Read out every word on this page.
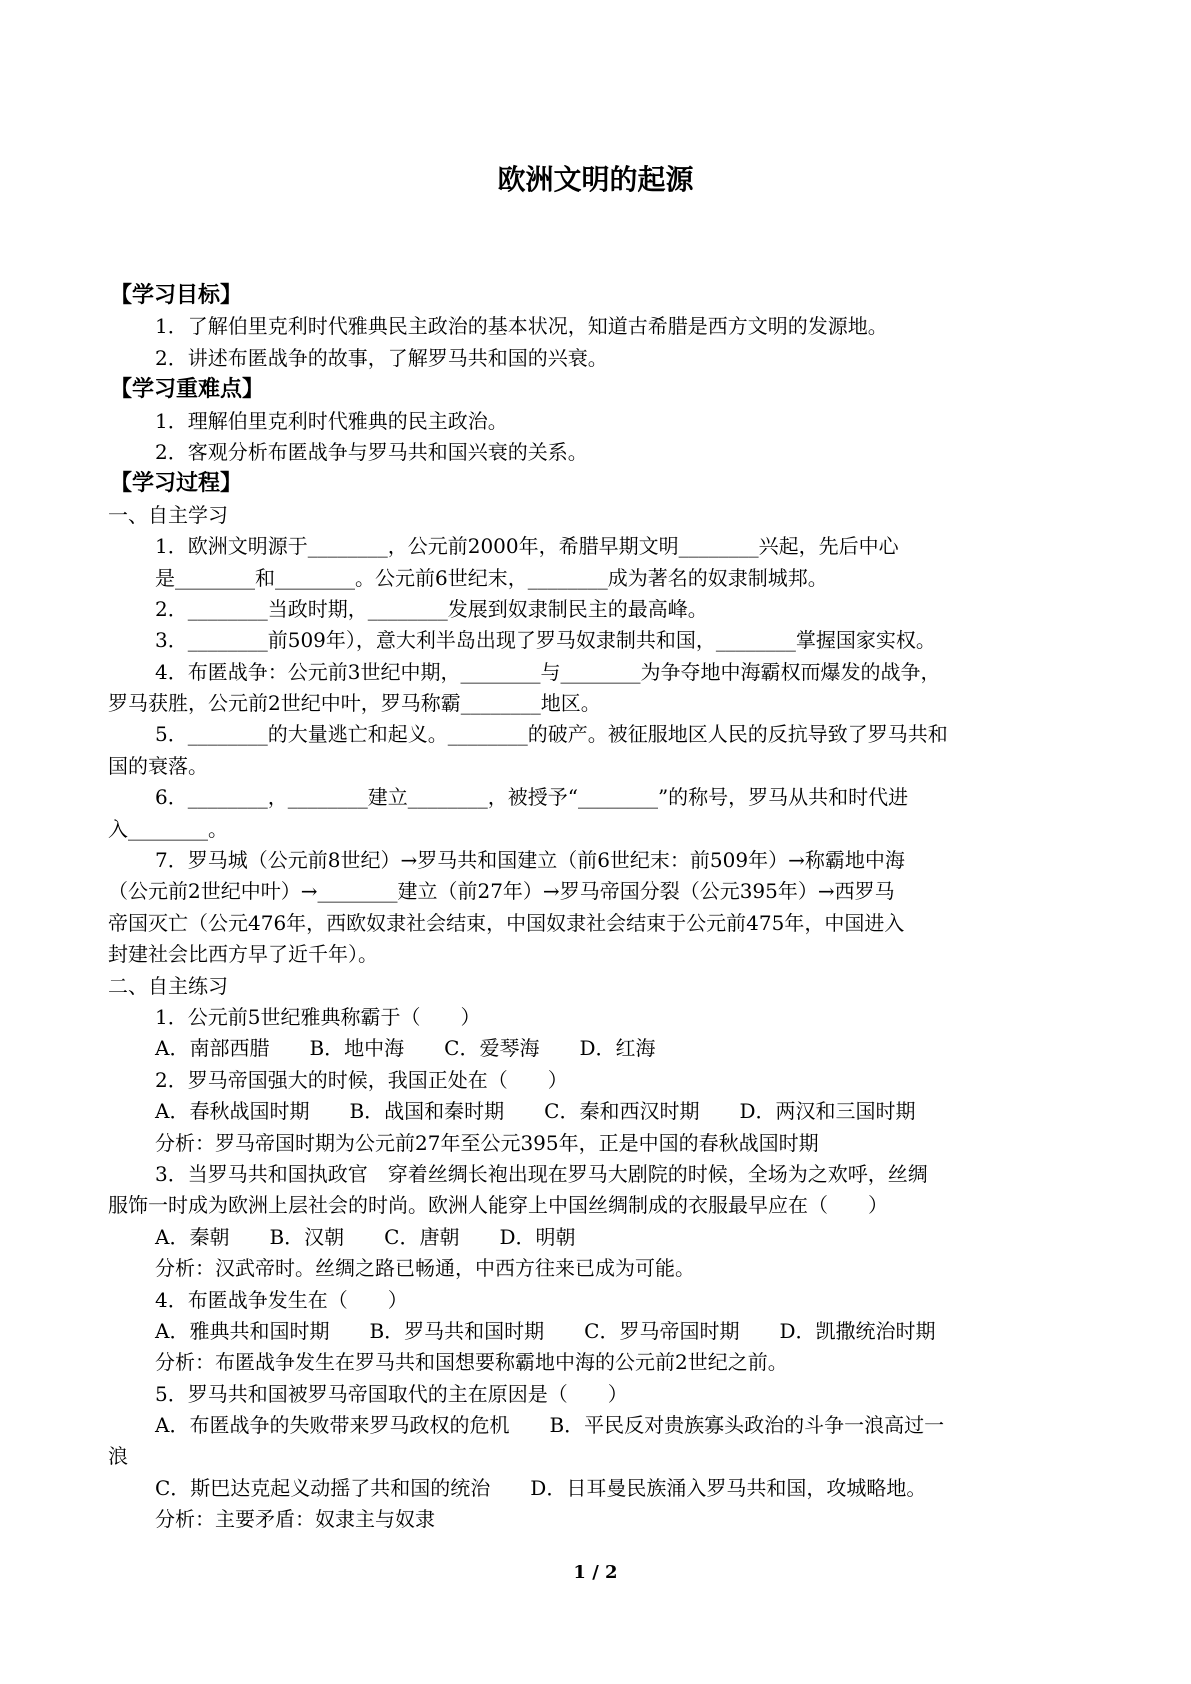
欧洲文明的起源

【学习目标】

1．了解伯里克利时代雅典民主政治的基本状况，知道古希腊是西方文明的发源地。

2．讲述布匿战争的故事，了解罗马共和国的兴衰。

【学习重难点】

1．理解伯里克利时代雅典的民主政治。

2．客观分析布匿战争与罗马共和国兴衰的关系。

【学习过程】

一、自主学习

1．欧洲文明源于________，公元前2000年，希腊早期文明________兴起，先后中心

是________和________。公元前6世纪末，________成为著名的奴隶制城邦。

2．________当政时期，________发展到奴隶制民主的最高峰。

3．________前509年），意大利半岛出现了罗马奴隶制共和国，________掌握国家实权。

4．布匿战争：公元前3世纪中期，________与________为争夺地中海霸权而爆发的战争，

罗马获胜，公元前2世纪中叶，罗马称霸________地区。

5．________的大量逃亡和起义。________的破产。被征服地区人民的反抗导致了罗马共和

国的衰落。

6．________，________建立________，被授予“________”的称号，罗马从共和时代进

入________。

7．罗马城（公元前8世纪）→罗马共和国建立（前6世纪末：前509年）→称霸地中海

（公元前2世纪中叶）→________建立（前27年）→罗马帝国分裂（公元395年）→西罗马

帝国灭亡（公元476年，西欧奴隶社会结束，中国奴隶社会结束于公元前475年，中国进入

封建社会比西方早了近千年）。

二、自主练习

1．公元前5世纪雅典称霸于（　　）

A．南部西腊　　B．地中海　　C．爱琴海　　D．红海

2．罗马帝国强大的时候，我国正处在（　　）

A．春秋战国时期　　B．战国和秦时期　　C．秦和西汉时期　　D．两汉和三国时期

分析：罗马帝国时期为公元前27年至公元395年，正是中国的春秋战国时期

3．当罗马共和国执政官　穿着丝绸长袍出现在罗马大剧院的时候，全场为之欢呼，丝绸

服饰一时成为欧洲上层社会的时尚。欧洲人能穿上中国丝绸制成的衣服最早应在（　　）

A．秦朝　　B．汉朝　　C．唐朝　　D．明朝

分析：汉武帝时。丝绸之路已畅通，中西方往来已成为可能。

4．布匿战争发生在（　　）

A．雅典共和国时期　　B．罗马共和国时期　　C．罗马帝国时期　　D．凯撒统治时期

分析：布匿战争发生在罗马共和国想要称霸地中海的公元前2世纪之前。

5．罗马共和国被罗马帝国取代的主在原因是（　　）

A．布匿战争的失败带来罗马政权的危机　　B．平民反对贵族寡头政治的斗争一浪高过一

浪

C．斯巴达克起义动摇了共和国的统治　　D．日耳曼民族涌入罗马共和国，攻城略地。

分析：主要矛盾：奴隶主与奴隶

1 / 2
